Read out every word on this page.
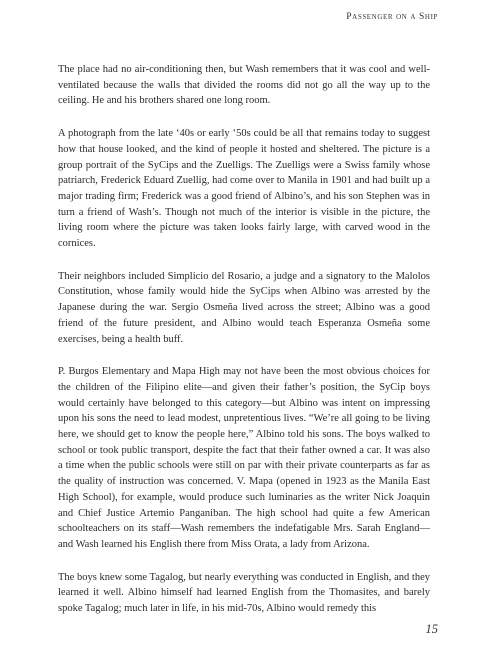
Passenger on a Ship

The place had no air-conditioning then, but Wash remembers that it was cool and well-ventilated because the walls that divided the rooms did not go all the way up to the ceiling. He and his brothers shared one long room.

A photograph from the late ‘40s or early ‘50s could be all that remains today to suggest how that house looked, and the kind of people it hosted and sheltered. The picture is a group portrait of the SyCips and the Zuelligs. The Zuelligs were a Swiss family whose patriarch, Frederick Eduard Zuellig, had come over to Manila in 1901 and had built up a major trading firm; Frederick was a good friend of Albino’s, and his son Stephen was in turn a friend of Wash’s. Though not much of the interior is visible in the picture, the living room where the picture was taken looks fairly large, with carved wood in the cornices.

Their neighbors included Simplicio del Rosario, a judge and a signatory to the Malolos Constitution, whose family would hide the SyCips when Albino was arrested by the Japanese during the war. Sergio Osmeña lived across the street; Albino was a good friend of the future president, and Albino would teach Esperanza Osmeña some exercises, being a health buff.

P. Burgos Elementary and Mapa High may not have been the most obvious choices for the children of the Filipino elite—and given their father’s position, the SyCip boys would certainly have belonged to this category—but Albino was intent on impressing upon his sons the need to lead modest, unpretentious lives. “We’re all going to be living here, we should get to know the people here,” Albino told his sons. The boys walked to school or took public transport, despite the fact that their father owned a car. It was also a time when the public schools were still on par with their private counterparts as far as the quality of instruction was concerned. V. Mapa (opened in 1923 as the Manila East High School), for example, would produce such luminaries as the writer Nick Joaquin and Chief Justice Artemio Panganiban. The high school had quite a few American schoolteachers on its staff—Wash remembers the indefatigable Mrs. Sarah England—and Wash learned his English there from Miss Orata, a lady from Arizona.

The boys knew some Tagalog, but nearly everything was conducted in English, and they learned it well. Albino himself had learned English from the Thomasites, and barely spoke Tagalog; much later in life, in his mid-70s, Albino would remedy this

15
